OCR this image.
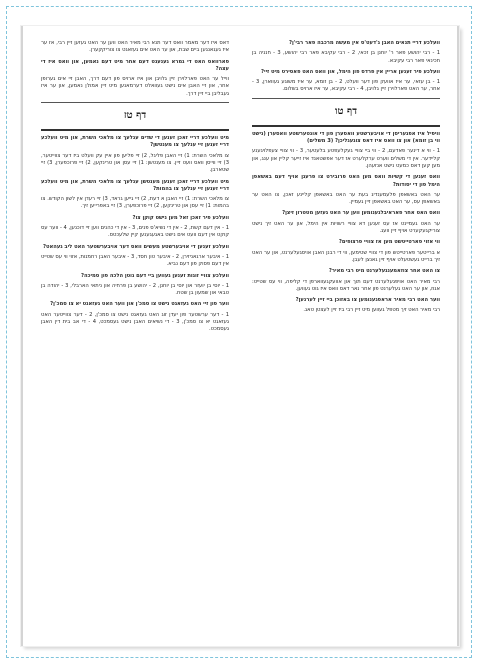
וועלכע דריי תנאים האבן ג'דעט'ס אין מעשה מרכבה פאר רבי'ן?
1 - רבי יהושע פאר ר' יוחנן בן זכאי, 2 - רבי עקיבא פאר רבי יהושע, 3 - חנניה בן חכינאי פאר רבי עקיבא.
וועלכע פיר זענען אריין אין פרדס פון הימל, און וואס האט פאסירט מיט זיי?
1 - בן עזאי, ער איז אוועק פון דער וועלט, 2 - בן זומא, ער איז משוגע געווארן, 3 - אחר, ער האט פארלוירן זיין גלויבן, 4 - רבי עקיבא, ער איז ארויס בשלום.
דף טו
וויפיל איז אפגעריסן די אויבערשטע וואסערן פון די אונטערשטע וואסערן (נישט ווי בן זומא) און צו וואס איז דאס צוגעגליכן? (3 משלים)
1 - ווי א דינער פאדעם, 2 - ווי ביי צוויי געקלעפטע בלעטער, 3 - ווי צוויי צעפלויגענע קליידער. אין די משלים ווערט ערקלערט אז דער אפשטאנד איז זייער קליין און ענג, און מען קען דאס כמעט נישט אנזעהן.
וואס זענען די קשיות וואס מען האט פרובירט צו פרעגן אויף דעם באשאפן הימל פון די יסודות?
ער האט באשאפן פלעמענדיג בעת ער האט באשאפן קליינע זאכן, צו האט ער באשאפן עס, ער האט באשאפן זיין געמיין.
וואס האט אחר פאראיבלגענומען ווען ער האט געזען מטטרון זיצן?
ער האט געמיינט אז עס זענען דא צוויי רשויות אין הימל, און ער האט זיך נישט צוריקגעקערט אויף זיין וועג.
ווי אזוי פארטייטשט מען אז צוויי פרצופים?
א ברייטער פארטייטש פון די צוויי שטימען, ווי די רבנן האבן אויסגעלערנט, און ער האט זיך ברייט געשטעלט אויף זיין גאנצן לעבן.
צו האט אחר צוזאמענגעלערנט מיט רבי מאיר?
רבי מאיר האט אויפגעלערנט דעם תוך און אוועקגעווארפן די קליפה, ווי עס שטייט: אגוז, און ער האט געלערנט פון אחר נאר דאס וואס איז גוט געווען.
ווער האט רבי מאיר אראפגענומען צו באזוכן ביי זיין לערנען?
רבי מאיר האט זיך מטפל געווען מיט זיין רבי ביז זיין לעצטן טאג.
דאס איז דער מאמר וואס דער תנא רבי מאיר האט ווען ער האט געזען זיין רבי, אז ער איז געגאנגען ביים שבת, און ער האט אים געזאגט צו צוריקקערן.
פארוואס האט די גמרא גענענט דעם אחר מיט דעם נאמען, און וואס איז די עצה?
ווייל ער האט פארלוירן זיין גלויבן און איז ארויס פון דעם דרך, האבן זיי אים גערופן אחר, און זיי האבן אים נישט געוואלט דערמאנען מיט זיין אמת'ן נאמען, און ער איז געבליבן ביי זיין דרך.
דף טז
מיט וועלכע דריי זאכן זענען די שדים ענלעך צו מלאכי השרת, און מיט וועלכע דריי זענען זיי ענלעך צו מענטשן?
צו מלאכי השרת: 1) זיי האבן פליגל, 2) זיי פליען פון איין עק וועלט ביז דער צווייטער, 3) זיי ווייסן וואס וועט זיין. צו מענטשן: 1) זיי עסן און טרינקען, 2) זיי פרוכפערן, 3) זיי שטארבן.
מיט וועלכע דריי זאכן זענען מענטשן ענלעך צו מלאכי השרת, און מיט וועלכע דריי זענען זיי ענלעך צו בהמות?
צו מלאכי השרת: 1) זיי האבן א דעת, 2) זיי גייען גראד, 3) זיי רעדן אין לשון הקודש. צו בהמות: 1) זיי עסן און טרינקען, 2) זיי פרוכפערן, 3) זיי באפרייען זיך.
וועלכע פיר זאכן זאל מען נישט קוקן צו?
1 - אין דעם קשת, 2 - אין די נשיא'ס פנים, 3 - אין די כהנים ווען זיי דוכנען, 4 - ווער עס קוקט אין דעם וועט אים נישט באגעגענען קיין שלעכטס.
וועלכע זענען די אויבערשטע מעשים וואס דער אויבערשטער האט ליב געהאט?
1 - איבער ארגאניזירן, 2 - איבער טון חסד, 3 - איבער האבן רחמנות, אזוי ווי עס שטייט אין דעם פסוק פון דעם נביא.
וועלכע צוויי זוגות זענען געווען ביי דעם גוטן הלכה פון סמיכה?
1 - יוסי בן יועזר און יוסי בן יוחנן, 2 - יהושע בן פרחיה און ניתאי הארבלי, 3 - יהודה בן טבאי און שמעון בן שטח.
ווער פון זיי האט געזאגט נישט צו סמכ'ן און ווער האט געזאגט יא צו סמכ'ן?
1 - דער ערשטער פון יעדן זוג האט געזאגט נישט צו סמכ'ן, 2 - דער צווייטער האט געזאגט יא צו סמכ'ן, 3 - די נשיאים האבן נישט געסמכט, 4 - די אב בית דין האבן געסמכט.
